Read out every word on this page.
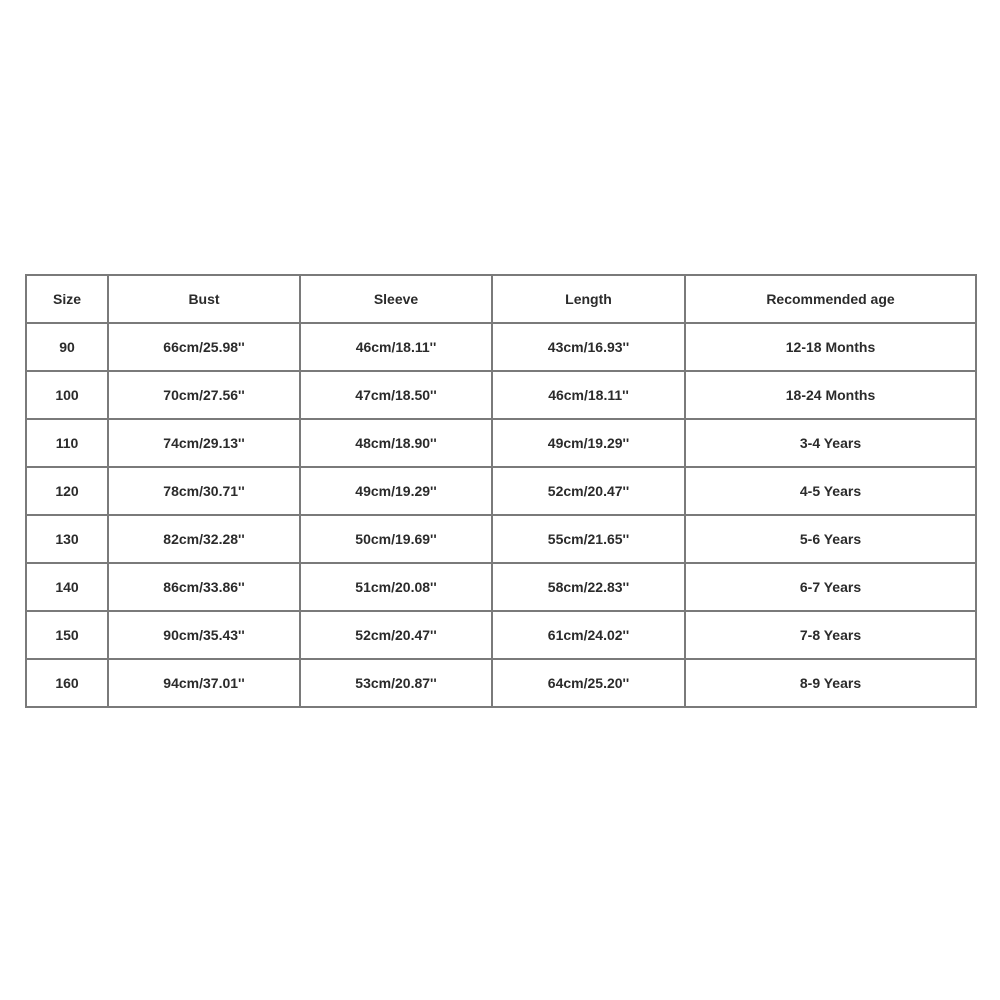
Size	Bust	Sleeve	Length	Recommended age
90	66cm/25.98''	46cm/18.11''	43cm/16.93''	12-18 Months
100	70cm/27.56''	47cm/18.50''	46cm/18.11''	18-24 Months
110	74cm/29.13''	48cm/18.90''	49cm/19.29''	3-4 Years
120	78cm/30.71''	49cm/19.29''	52cm/20.47''	4-5 Years
130	82cm/32.28''	50cm/19.69''	55cm/21.65''	5-6 Years
140	86cm/33.86''	51cm/20.08''	58cm/22.83''	6-7 Years
150	90cm/35.43''	52cm/20.47''	61cm/24.02''	7-8 Years
160	94cm/37.01''	53cm/20.87''	64cm/25.20''	8-9 Years
